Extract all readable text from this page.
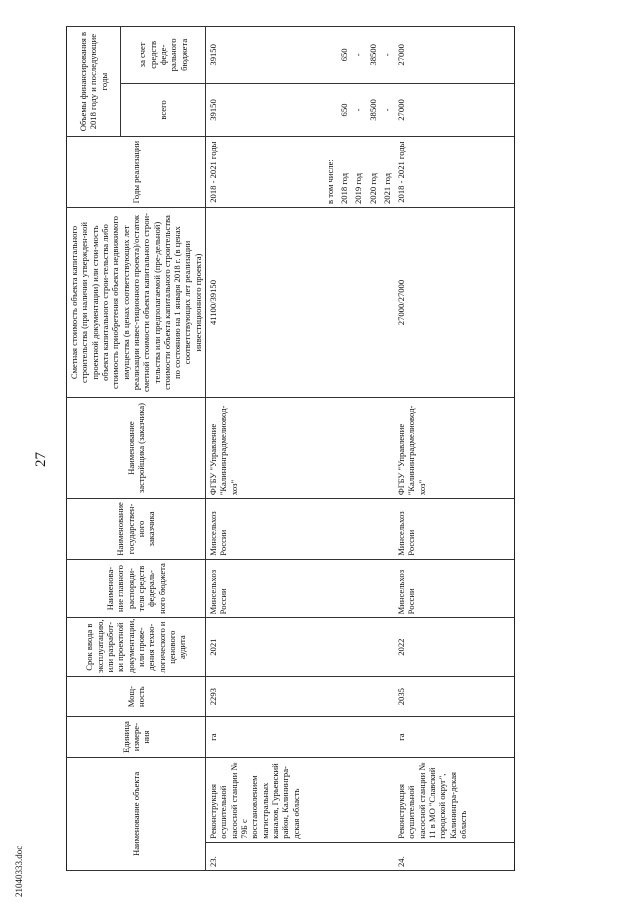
21040333.doc
27
Наименование объекта		Единица измере-ния	Мощ-ность	Срок ввода в эксплуатацию, или разработ-ки проектной документации, или прове-дения техно-логического и ценового аудита	Наименова-ние главного распоряди-теля средств федераль-ного бюджета	Наименование государствен-ного заказчика	Наименование застройщика (заказчика)	Сметная стоимость объекта капитального строительства (при наличии утвержден-ной проектной документации) или стои-мость объекта капитального строи-тельства либо стоимость приобретения объекта недвижимого имущества (в ценах соответствующих лет реализации инвес-тиционного проекта)/остаток сметной стоимости объекта капитального строи-тельства или предполагаемой (пре-дельной) стоимости объекта капитального строительства по состоянию на 1 января 2018 г. (в ценах соответствующих лет реализации инвестиционного проекта)	Годы реализации	Объемы финансирования в 2018 году и последующие годы	
										всего	за счет средств феде-рального бюджета
23.	Реконструкция осушительной насосной станции № 79Б с восстановлением магистральных каналов, Гурьевский район, Калинингра-дская область	га	2293	2021	Минсельхоз России	Минсельхоз России	ФГБУ "Управление "Калининградмелиовод-хоз"	41100/39150	2018 - 2021 годы	39150	39150
									в том числе:		
									2018 год	650	650
									2019 год	-	-
									2020 год	38500	38500
									2021 год	-	-
24.	Реконструкция осушительной насосной станции № 11 в МО "Славский городской округ", Калинингра-дская область	га	2035	2022	Минсельхоз России	Минсельхоз России	ФГБУ "Управление "Калининградмелиовод-хоз"	27000/27000	2018 - 2021 годы	27000	27000
